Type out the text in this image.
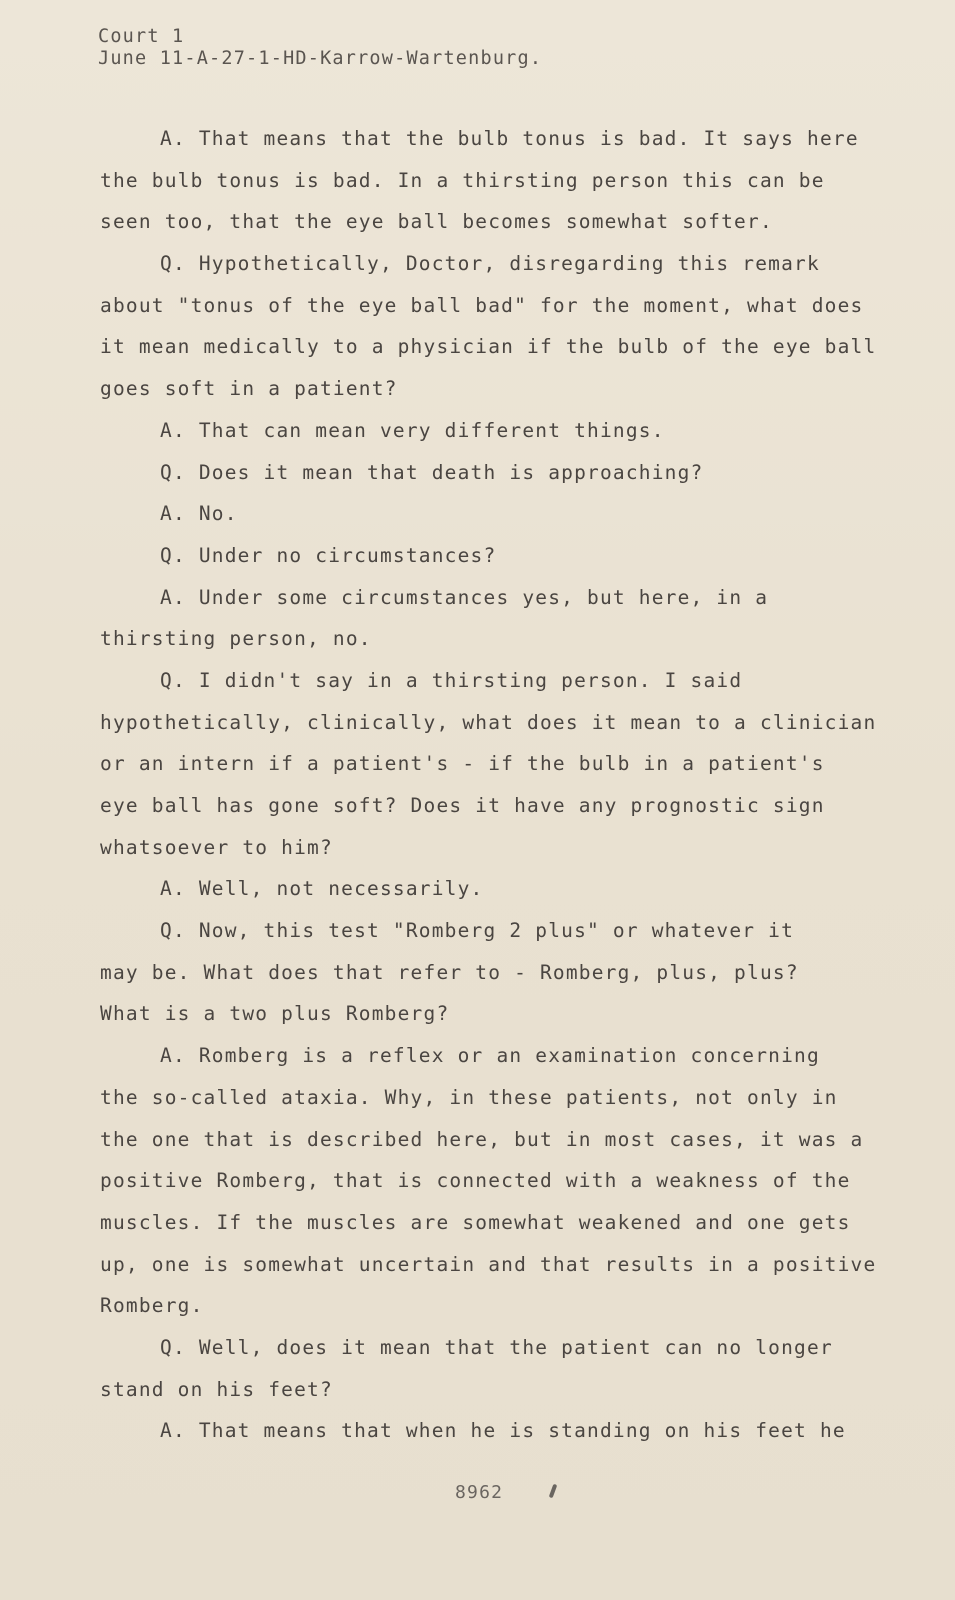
Court 1
June 11-A-27-1-HD-Karrow-Wartenburg.
A. That means that the bulb tonus is bad. It says here
the bulb tonus is bad. In a thirsting person this can be
seen too, that the eye ball becomes somewhat softer.
Q. Hypothetically, Doctor, disregarding this remark
about "tonus of the eye ball bad" for the moment, what does
it mean medically to a physician if the bulb of the eye ball
goes soft in a patient?
A. That can mean very different things.
Q. Does it mean that death is approaching?
A. No.
Q. Under no circumstances?
A. Under some circumstances yes, but here, in a
thirsting person, no.
Q. I didn't say in a thirsting person. I said
hypothetically, clinically, what does it mean to a clinician
or an intern if a patient's - if the bulb in a patient's
eye ball has gone soft? Does it have any prognostic sign
whatsoever to him?
A. Well, not necessarily.
Q. Now, this test "Romberg 2 plus" or whatever it
may be. What does that refer to - Romberg, plus, plus?
What is a two plus Romberg?
A. Romberg is a reflex or an examination concerning
the so-called ataxia. Why, in these patients, not only in
the one that is described here, but in most cases, it was a
positive Romberg, that is connected with a weakness of the
muscles. If the muscles are somewhat weakened and one gets
up, one is somewhat uncertain and that results in a positive
Romberg.
Q. Well, does it mean that the patient can no longer
stand on his feet?
A. That means that when he is standing on his feet he
8962
